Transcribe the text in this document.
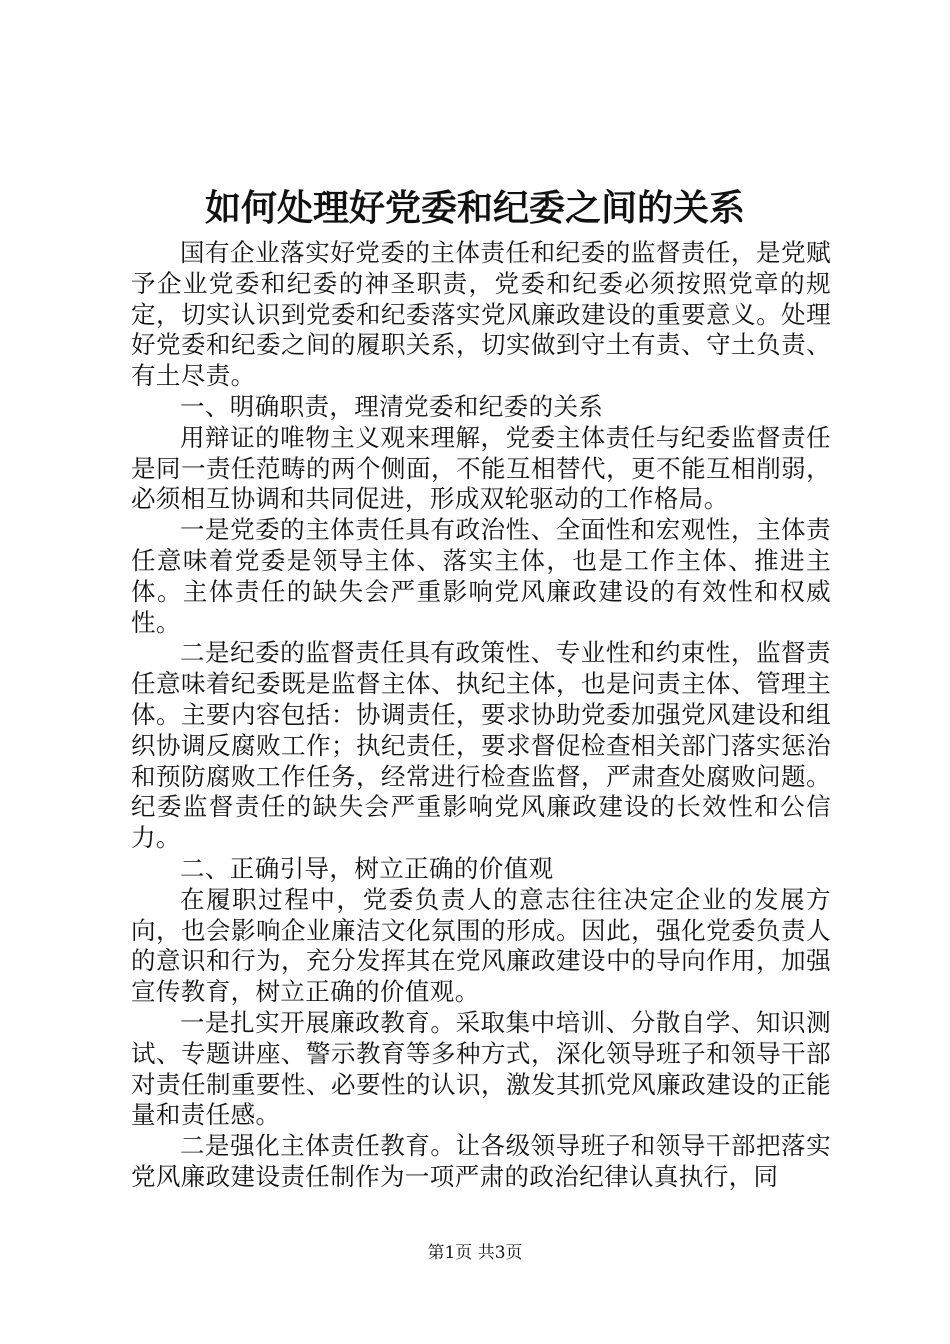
如何处理好党委和纪委之间的关系

国有企业落实好党委的主体责任和纪委的监督责任，是党赋予企业党委和纪委的神圣职责，党委和纪委必须按照党章的规定，切实认识到党委和纪委落实党风廉政建设的重要意义。处理好党委和纪委之间的履职关系，切实做到守土有责、守土负责、有土尽责。

一、明确职责，理清党委和纪委的关系

用辩证的唯物主义观来理解，党委主体责任与纪委监督责任是同一责任范畴的两个侧面，不能互相替代，更不能互相削弱，必须相互协调和共同促进，形成双轮驱动的工作格局。

一是党委的主体责任具有政治性、全面性和宏观性，主体责任意味着党委是领导主体、落实主体，也是工作主体、推进主体。主体责任的缺失会严重影响党风廉政建设的有效性和权威性。

二是纪委的监督责任具有政策性、专业性和约束性，监督责任意味着纪委既是监督主体、执纪主体，也是问责主体、管理主体。主要内容包括：协调责任，要求协助党委加强党风建设和组织协调反腐败工作；执纪责任，要求督促检查相关部门落实惩治和预防腐败工作任务，经常进行检查监督，严肃查处腐败问题。纪委监督责任的缺失会严重影响党风廉政建设的长效性和公信力。

二、正确引导，树立正确的价值观

在履职过程中，党委负责人的意志往往决定企业的发展方向，也会影响企业廉洁文化氛围的形成。因此，强化党委负责人的意识和行为，充分发挥其在党风廉政建设中的导向作用，加强宣传教育，树立正确的价值观。

一是扎实开展廉政教育。采取集中培训、分散自学、知识测试、专题讲座、警示教育等多种方式，深化领导班子和领导干部对责任制重要性、必要性的认识，激发其抓党风廉政建设的正能量和责任感。

二是强化主体责任教育。让各级领导班子和领导干部把落实党风廉政建设责任制作为一项严肃的政治纪律认真执行，同

第1页 共3页
